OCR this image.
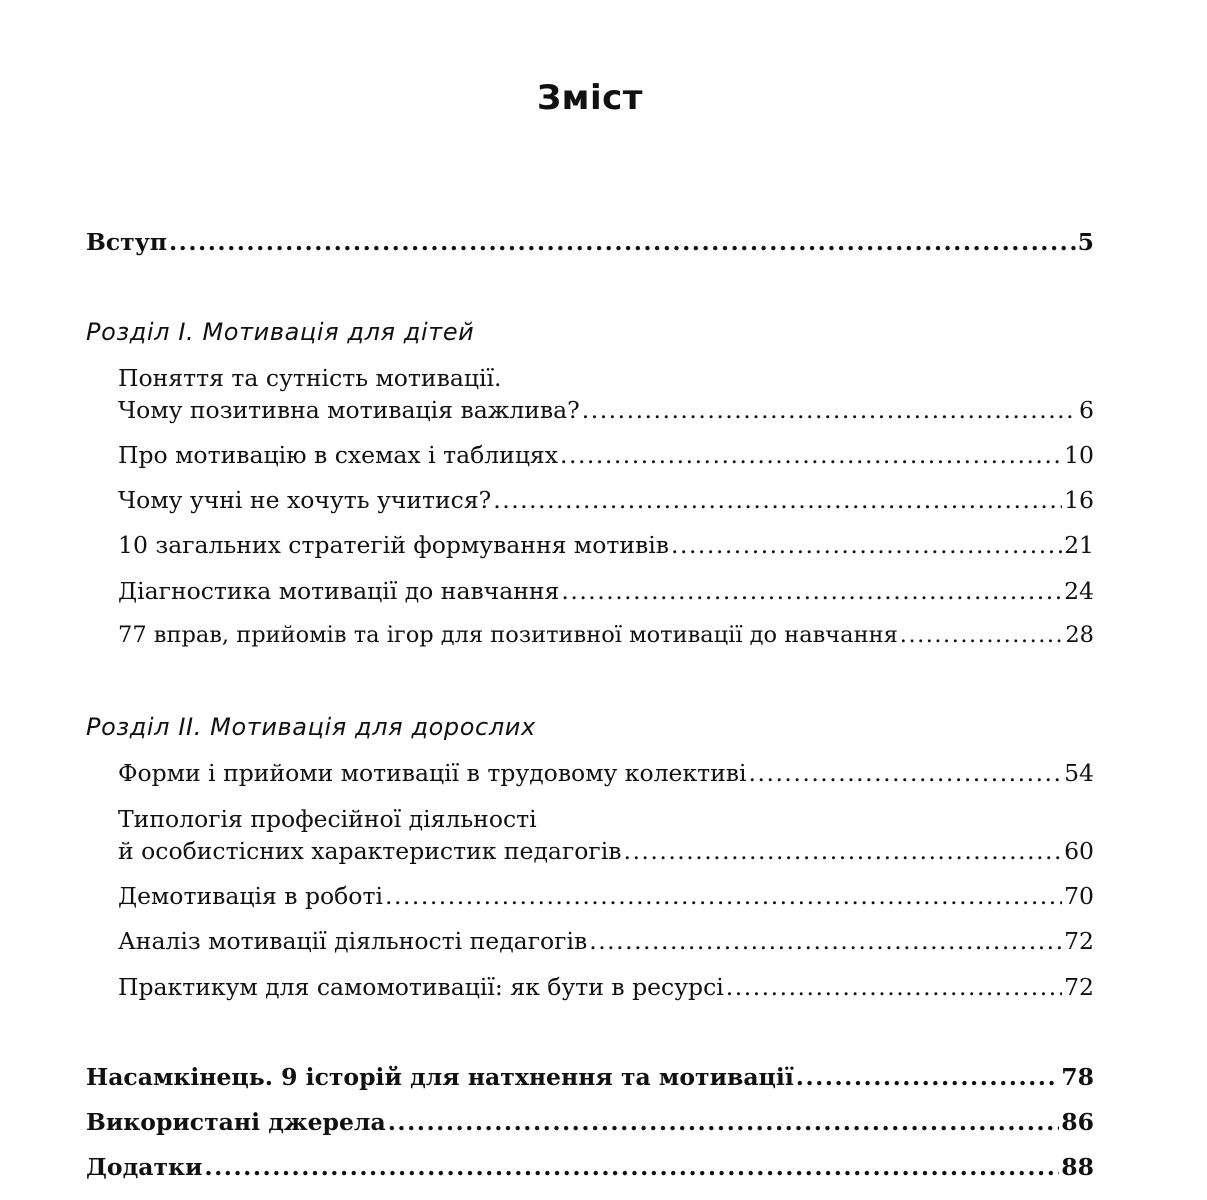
Зміст
Вступ .....	5
Розділ І. Мотивація для дітей
Поняття та сутність мотивації.
Чому позитивна мотивація важлива? .....	6
Про мотивацію в схемах і таблицях .....	10
Чому учні не хочуть учитися? .....	16
10 загальних стратегій формування мотивів .....	21
Діагностика мотивації до навчання .....	24
77 вправ, прийомів та ігор для позитивної мотивації до навчання .....	28
Розділ ІІ. Мотивація для дорослих
Форми і прийоми мотивації в трудовому колективі .....	54
Типологія професійної діяльності
й особистісних характеристик педагогів .....	60
Демотивація в роботі .....	70
Аналіз мотивації діяльності педагогів .....	72
Практикум для самомотивації: як бути в ресурсі .....	72
Насамкінець. 9 історій для натхнення та мотивації .....	78
Використані джерела .....	86
Додатки .....	88
